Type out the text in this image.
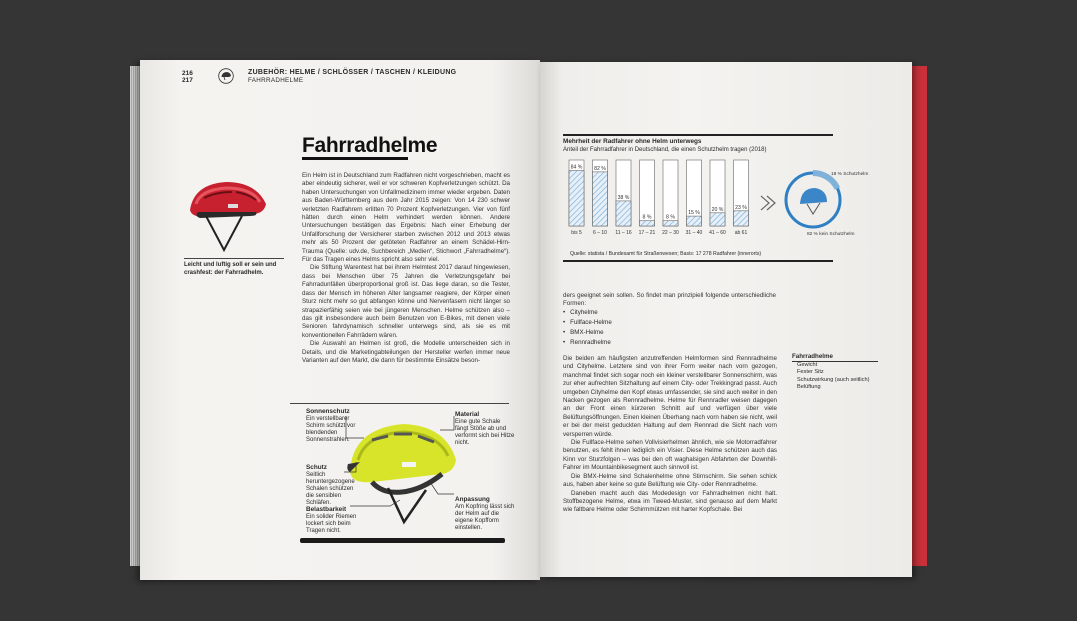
216
217
ZUBEHÖR: HELME / SCHLÖSSER / TASCHEN / KLEIDUNG
FAHRRADHELME
Fahrradhelme
Leicht und luftig soll er sein und crashfest: der Fahrradhelm.
Ein Helm ist in Deutschland zum Radfahren nicht vorgeschrieben, macht es aber eindeutig sicherer, weil er vor schweren Kopfverletzungen schützt. Da haben Untersuchungen von Unfallmedizinern immer wieder ergeben. Daten aus Baden-Württemberg aus dem Jahr 2015 zeigen: Von 14 230 schwer verletzten Radfahrern erlitten 70 Prozent Kopfverletzungen. Vier von fünf hätten durch einen Helm verhindert werden können. Andere Untersuchungen bestätigen das Ergebnis: Nach einer Erhebung der Unfallforschung der Versicherer starben zwischen 2012 und 2013 etwas mehr als 50 Prozent der getöteten Radfahrer an einem Schädel-Hirn-Trauma (Quelle: udv.de, Suchbereich „Medien“, Stichwort „Fahrradhelme“). Für das Tragen eines Helms spricht also sehr viel.
Die Stiftung Warentest hat bei ihrem Helmtest 2017 darauf hingewiesen, dass bei Menschen über 75 Jahren die Verletzungsgefahr bei Fahrradunfällen überproportional groß ist. Das liege daran, so die Tester, dass der Mensch im höheren Alter langsamer reagiere, der Körper einen Sturz nicht mehr so gut abfangen könne und Nervenfasern nicht länger so strapazierfähig seien wie bei jüngeren Menschen. Helme schützen also – das gilt insbesondere auch beim Benutzen von E-Bikes, mit denen viele Senioren fahrdynamisch schneller unterwegs sind, als sie es mit konventionellen Fahrrädern wären.
Die Auswahl an Helmen ist groß, die Modelle unterscheiden sich in Details, und die Marketingabteilungen der Hersteller werfen immer neue Varianten auf den Markt, die dann für bestimmte Einsätze beson-
Sonnenschutz
Ein verstellbarer Schirm schützt vor blendenden Sonnenstrahlen.
Material
Eine gute Schale fängt Stöße ab und verformt sich bei Hitze nicht.
Schutz
Seitlich heruntergezogene Schalen schützen die sensiblen Schläfen.
Belastbarkeit
Ein solider Riemen lockert sich beim Tragen nicht.
Anpassung
Am Kopfring lässt sich der Helm auf die eigene Kopfform einstellen.
Mehrheit der Radfahrer ohne Helm unterwegs
Anteil der Fahrradfahrer in Deutschland, die einen Schutzhelm tragen (2018)
84 %
bis 5
82 %
6 – 10
38 %
11 – 16
8 %
17 – 21
8 %
22 – 30
15 %
31 – 40
20 %
41 – 60
23 %
ab 61
18 % Schutzhelm
82 % kein Schutzhelm
Quelle: statista / Bundesamt für Straßenwesen; Basis: 17 278 Radfahrer (innerorts)
ders geeignet sein sollen. So findet man prinzipiell folgende unterschiedliche Formen:
• Cityhelme
• Fullface-Helme
• BMX-Helme
• Rennradhelme
Die beiden am häufigsten anzutreffenden Helmformen sind Rennradhelme und Cityhelme. Letztere sind von ihrer Form weiter nach vorn gezogen, manchmal findet sich sogar noch ein kleiner verstellbarer Sonnenschirm, was zur eher aufrechten Sitzhaltung auf einem City- oder Trekkingrad passt. Auch umgeben Cityhelme den Kopf etwas umfassender, sie sind auch weiter in den Nacken gezogen als Rennradhelme. Helme für Rennradler weisen dagegen an der Front einen kürzeren Schnitt auf und verfügen über viele Belüftungsöffnungen. Einen kleinen Überhang nach vorn haben sie nicht, weil er bei der meist geduckten Haltung auf dem Rennrad die Sicht nach vorn versperren würde.
Die Fullface-Helme sehen Vollvisierhelmen ähnlich, wie sie Motorradfahrer benutzen, es fehlt ihnen lediglich ein Visier. Diese Helme schützen auch das Kinn vor Sturzfolgen – was bei den oft waghalsigen Abfahrten der Downhill-Fahrer im Mountainbikesegment auch sinnvoll ist.
Die BMX-Helme sind Schalenhelme ohne Stirnschirm. Sie sehen schick aus, haben aber keine so gute Belüftung wie City- oder Rennradhelme.
Daneben macht auch das Modedesign vor Fahrradhelmen nicht halt. Stoffbezogene Helme, etwa im Tweed-Muster, sind genauso auf dem Markt wie faltbare Helme oder Schirmmützen mit harter Kopfschale. Bei
Fahrradhelme
Gewicht
Fester Sitz
Schutzwirkung (auch seitlich)
Belüftung
